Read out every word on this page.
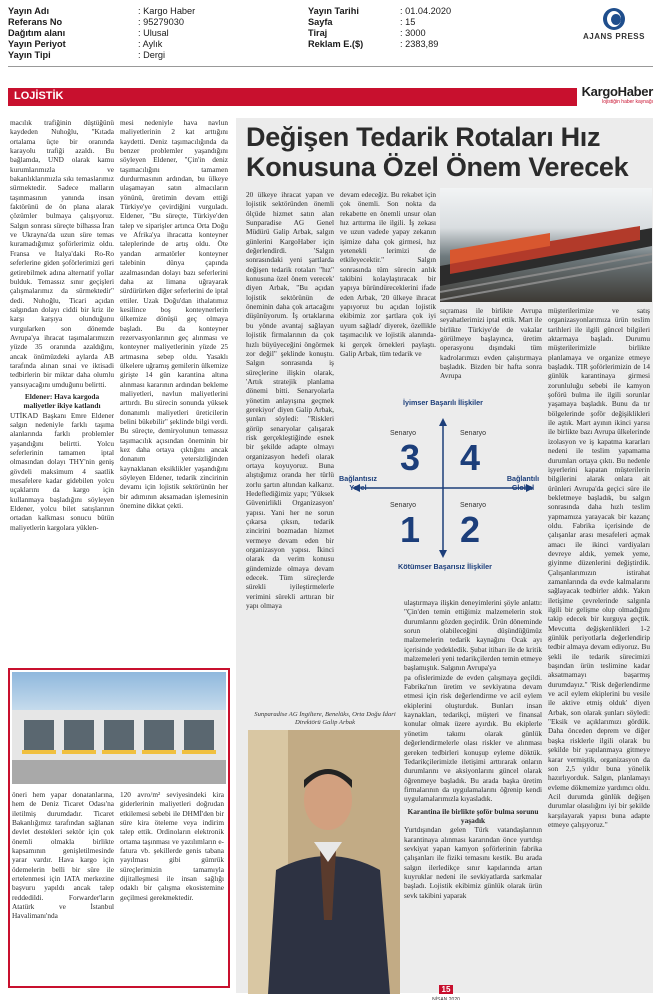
Yayın Adı	: Kargo Haber
Referans No	: 95279030
Dağıtım alanı	: Ulusal
Yayın Periyot	: Aylık
Yayın Tipi	: Dergi
Yayın Tarihi	: 01.04.2020
Sayfa	: 15
Tiraj	: 3000
Reklam E.($)	: 2383,89
AJANS PRESS
LOJİSTİK	KargoHaber
lojistiğin haber kaynağı

macılık trafiğinin düştüğünü kaydeden Nuhoğlu, "Kıtada ortalama üçte bir oranında karayolu trafiği azaldı. Bu bağlamda, UND olarak kamu kurumlarımızla ve bakanlıklarımızla sıkı temaslarımız sürmektedir. Sadece malların taşınmasının yanında insan faktörünü de ön plana alarak çözümler bulmaya çalışıyoruz. Salgın sonrası süreçte bilhassa İran ve Ukrayna'da uzun süre temas kuramadığımız şoförlerimiz oldu. Fransa ve İtalya'daki Ro-Ro seferlerine giden şoförlerimizi geri getirebilmek adına alternatif yollar bulduk. Temassız sınır geçişleri çalışmalarımız da sürmektedir" dedi. Nuhoğlu, Ticari açıdan salgından dolayı ciddi bir kriz ile karşı karşıya olunduğunu vurgularken son dönemde Avrupa'ya ihracat taşımalarımızın yüzde 35 oranında azaldığını, ancak önümüzdeki aylarda AB tarafında alınan sınai ve iktisadi tedbirlerin bir miktar daha olumlu yansıyacağını umduğunu belirtti.

Eldener: Hava kargoda maliyetler ikiye katlandı

UTİKAD Başkanı Emre Eldener salgın nedeniyle farklı taşıma alanlarında farklı problemler yaşandığını belirtti. Yolcu seferlerinin tamamen iptal olmasından dolayı THY'nin geniş gövdeli maksimum 4 saatlik mesafelere kadar gidebilen yolcu uçaklarını da kargo için kullanmaya başladığını söyleyen Eldener, yolcu bilet satışlarının ortadan kalkması sonucu bütün maliyetlerin kargolara yüklen-

mesi nedeniyle hava navlun maliyetlerinin 2 kat arttığını kaydetti. Deniz taşımacılığında da benzer problemler yaşandığını söyleyen Eldener, "Çin'in deniz taşımacılığını tamamen durdurmasının ardından, bu ülkeye ulaşamayan satın almacıların yönünü, üretimin devam ettiği Türkiye'ye çevirdiğini vurguladı. Eldener, "Bu süreçte, Türkiye'den talep ve siparişler artınca Orta Doğu ve Afrika'ya ihracatta konteyner taleplerinde de artış oldu. Öte yandan armatörler konteyner talebinin dünya çapında azalmasından dolayı bazı seferlerini daha az limana uğrayarak sürdürürken diğer seferlerini de iptal ettiler. Uzak Doğu'dan ithalatımız kesilince boş konteynerlerin ülkemize dönüşü geç olmaya başladı. Bu da konteyner rezervasyonlarının geç alınması ve konteyner maliyetlerinin yüzde 25 artmasına sebep oldu. Yasaklı ülkelere uğramış gemilerin ülkemize girişte 14 gün karantina altına alınması kararının ardından bekleme maliyetleri, navlun maliyetlerini arttırdı. Bu sürecin sonunda yüksek donanımlı maliyetleri üreticilerin belini bükebilir" şeklinde bilgi verdi. Bu süreçte, demiryolunun temassız taşımacılık açısından öneminin bir kez daha ortaya çıktığını ancak donanım yetersizliğinden kaynaklanan eksiklikler yaşandığını söyleyen Eldener, tedarik zincirinin devamı için lojistik sektörünün her bir adımının aksamadan işlemesinin önemine dikkat çekti.

öneri hem yapar donatanlarına, hem de Deniz Ticaret Odası'na iletilmiş durumdadır. Ticaret Bakanlığımız tarafından sağlanan devlet destekleri sektör için çok önemli olmakla birlikte kapsamının genişletilmesinde yarar vardır. Hava kargo için ödemelerin belli bir süre ile ertelenmesi için IATA merkezine başvuru yapıldı ancak talep reddedildi. Forwarder'ların Atatürk ve İstanbul Havalimanı'nda

120 avro/m² seviyesindeki kira giderlerinin maliyetleri doğrudan etkilemesi sebebi ile DHMİ'den bir süre kira öteleme veya indirim talep ettik. Ordinoların elektronik ortama taşınması ve yazılımların e-fatura vb. şekillerde genis tabana yayılması gibi gümrük süreçlerimizin tamamıyla dijitalleşmesi ile insan sağlığı odaklı bir çalışma ekosistemine geçilmesi gerekmektedir.

Değişen Tedarik Rotaları Hız Konusuna Özel Önem Verecek

20 ülkeye ihracat yapan ve lojistik sektöründen önemli ölçüde hizmet satın alan Sunparadise AG Genel Müdürü Galip Arbak, salgın günlerini KargoHaber için değerlendirdi. 'Salgın sonrasındaki yeni şartlarda değişen tedarik rotaları "hız" konusuna özel önem verecek' diyen Arbak, "Bu açıdan lojistik sektörünün de öneminin daha çok artacağını düşünüyorum. İş ortaklarına bu yönde avantaj sağlayan lojistik firmalarının da çok hızlı büyüyeceğini öngörmek zor değil" şeklinde konuştu. Salgın sonrasında iş süreçlerine ilişkin olarak, 'Artık stratejik planlama dönemi bitti. Senaryolarla yönetim anlayışına geçmek gerekiyor' diyen Galip Arbak, şunları söyledi: "Riskleri görüp senaryolar çalışarak risk gerçekleştiğinde esnek bir şekilde adapte olmayı organizasyon hedefi olarak ortaya koyuyoruz. Buna alıştığımız oranda her türlü zorlu şartın altından kalkarız. Hedeflediğimiz yapı; 'Yüksek Güvenirlikli Organizasyon' yapısı. Yani her ne sorun çıkarsa çıksın, tedarik zincirini bozmadan hizmet vermeye devam eden bir organizasyon yapısı. İkinci olarak da verim konusu gündemizde olmaya devam edecek. Tüm süreçlerde sürekli iyileştirmelerle verimini sürekli arttıran bir yapı olmaya

devam edeceğiz. Bu rekabet için çok önemli. Son nokta da rekabette en önemli unsur olan hız arttırma ile ilgili. İş zekası ve uzun vadede yapay zekanın işimize daha çok girmesi, hız yetenekli lerimizi de etkileyecektir." Salgın sonrasında tüm sürecin anlık takibini kolaylaştıracak bir yapıya büründüreceklerini ifade eden Arbak, '20 ülkeye ihracat yapıyoruz bu açıdan lojistik ekibimiz zor şartlara çok iyi uyum sağladı' diyerek, özellikle taşımacılık ve lojistik alanında-ki gerçek örnekleri paylaştı. Galip Arbak, tüm tedarik ve

sıçraması ile birlikte Avrupa seyahatlerimizi iptal ettik. Mart ile birlikte Türkiye'de de vakalar görülmeye başlayınca, üretim operasyonu dışındaki tüm kadrolarımızı evden çalıştırmaya başladık. Bizden bir hafta sonra Avrupa

müşterilerimize ve satış organizasyonlarımıza ürün teslim tarihleri ile ilgili güncel bilgileri aktarmaya başladı. Durumu müşterilerimizle birlikte planlamaya ve organize etmeye başladık. TIR şoförlerimizin de 14 günlük karantinaya girmesi zorunluluğu sebebi ile kamyon şoförü bulma ile ilgili sorunlar yaşamaya başladık. Bunu da tır bölgelerinde şoför değişiklikleri ile aştık. Mart ayının ikinci yarısı ile birlikte bazı Avrupa ülkelerinde izolasyon ve iş kapatma kararları nedeni ile teslim yapamama durumları ortaya çıktı. Bu nedenle işyerlerini kapatan müşterilerin bilgilerini alarak onlara ait ürünleri Avrupa'da geçici süre ile bekletmeye başladık, bu salgın sonrasında daha hızlı teslim yapmamıza yarayacak bir kazanç oldu. Fabrika içerisinde de çalışanlar arası mesafeleri açmak amacı ile ikinci vardiyaları devreye aldık, yemek yeme, giyinme düzenlerini değiştirdik. Çalışanlarımızın istirahat zamanlarında da evde kalmalarını sağlayacak tedbirler aldık. Yakın iletişime çevrelerinde salgınla ilgili bir gelişme olup olmadığını takip edecek bir kurguya geçtik. Mevcutta değişkenlikleri 1-2 günlük periyotlarla değerlendirip tedbir almaya devam ediyoruz. Bu şekli ile tedarik sürecimizi başından ürün teslimine kadar aksatmamayı başarmış durumdayız." 'Risk değerlendirme ve acil eylem ekiplerini bu vesile ile aktive etmiş olduk' diyen Arbak, son olarak şunları söyledi: "Eksik ve açıklarımızı gördük. Daha önceden deprem ve diğer başka risklerle ilgili olarak bu şekilde bir yapılanmaya gitmeye karar vermiştik, organizasyon da son 2,5 yıldır buna yönelik hazırlıyorduk. Salgın, planlamayı evleme dökmemize yardımcı oldu. Acil durumda günlük değişen durumlar olasılığını iyi bir şekilde karşılayarak yapısı buna adapte etmeye çalışıyoruz."

İyimser Başarılı İlişkiler
Kötümser Başarısız İlişkiler
Bağlantısız Yerel
Bağlantılı Global
Senaryo
3
Senaryo
4
Senaryo
1
Senaryo
2
Sunparadise AG İngiltere, Benelüks, Orta Doğu İdari Direktörü Galip Arbak

ulaştırmaya ilişkin deneyimlerini şöyle anlattı: "Çin'den temin ettiğimiz malzemelerin stok durumlarını gözden geçirdik. Ürün döneminde sorun olabileceğini düşündüğümüz malzemelerin tedarik kaynağını Ocak ayı içerisinde yedekledik. Şubat itibarı ile de kritik malzemeleri yeni tedarikçilerden temin etmeye başlamıştık. Salgının Avrupa'ya

pa ofislerimizde de evden çalışmaya geçildi. Fabrika'nın üretim ve sevkiyatına devam etmesi için risk değerlendirme ve acil eylem ekiplerini oluşturduk. Bunları insan kaynakları, tedarikçi, müşteri ve finansal konular olmak üzere ayırdık. Bu ekiplerle yönetim takımı olarak günlük değerlendirmelerle olası riskler ve alınması gereken tedbirleri konuşup eyleme döktük. Tedarikçilerimizle iletişimi arttırarak onların durumlarını ve aksiyonlarını güncel olarak öğrenmeye başladık. Bu arada başka üretim firmalarının da uygulamalarını öğrenip kendi uygulamalarımızla kıyasladık.

Karantina ile birlikte şoför bulma sorunu yaşadık

Yurtdışından gelen Türk vatandaşlarının karantinaya alınması kararından önce yurtdışı sevkiyat yapan kamyon şoförlerinin fabrika çalışanları ile fiziki temasını kestik. Bu arada salgın ilerledikçe sınır kapılarında artan kuyruklar nedeni ile sevkiyatlarda sarkmalar başladı. Lojistik ekibimiz günlük olarak ürün sevk takibini yaparak

15
NİSAN 2020
